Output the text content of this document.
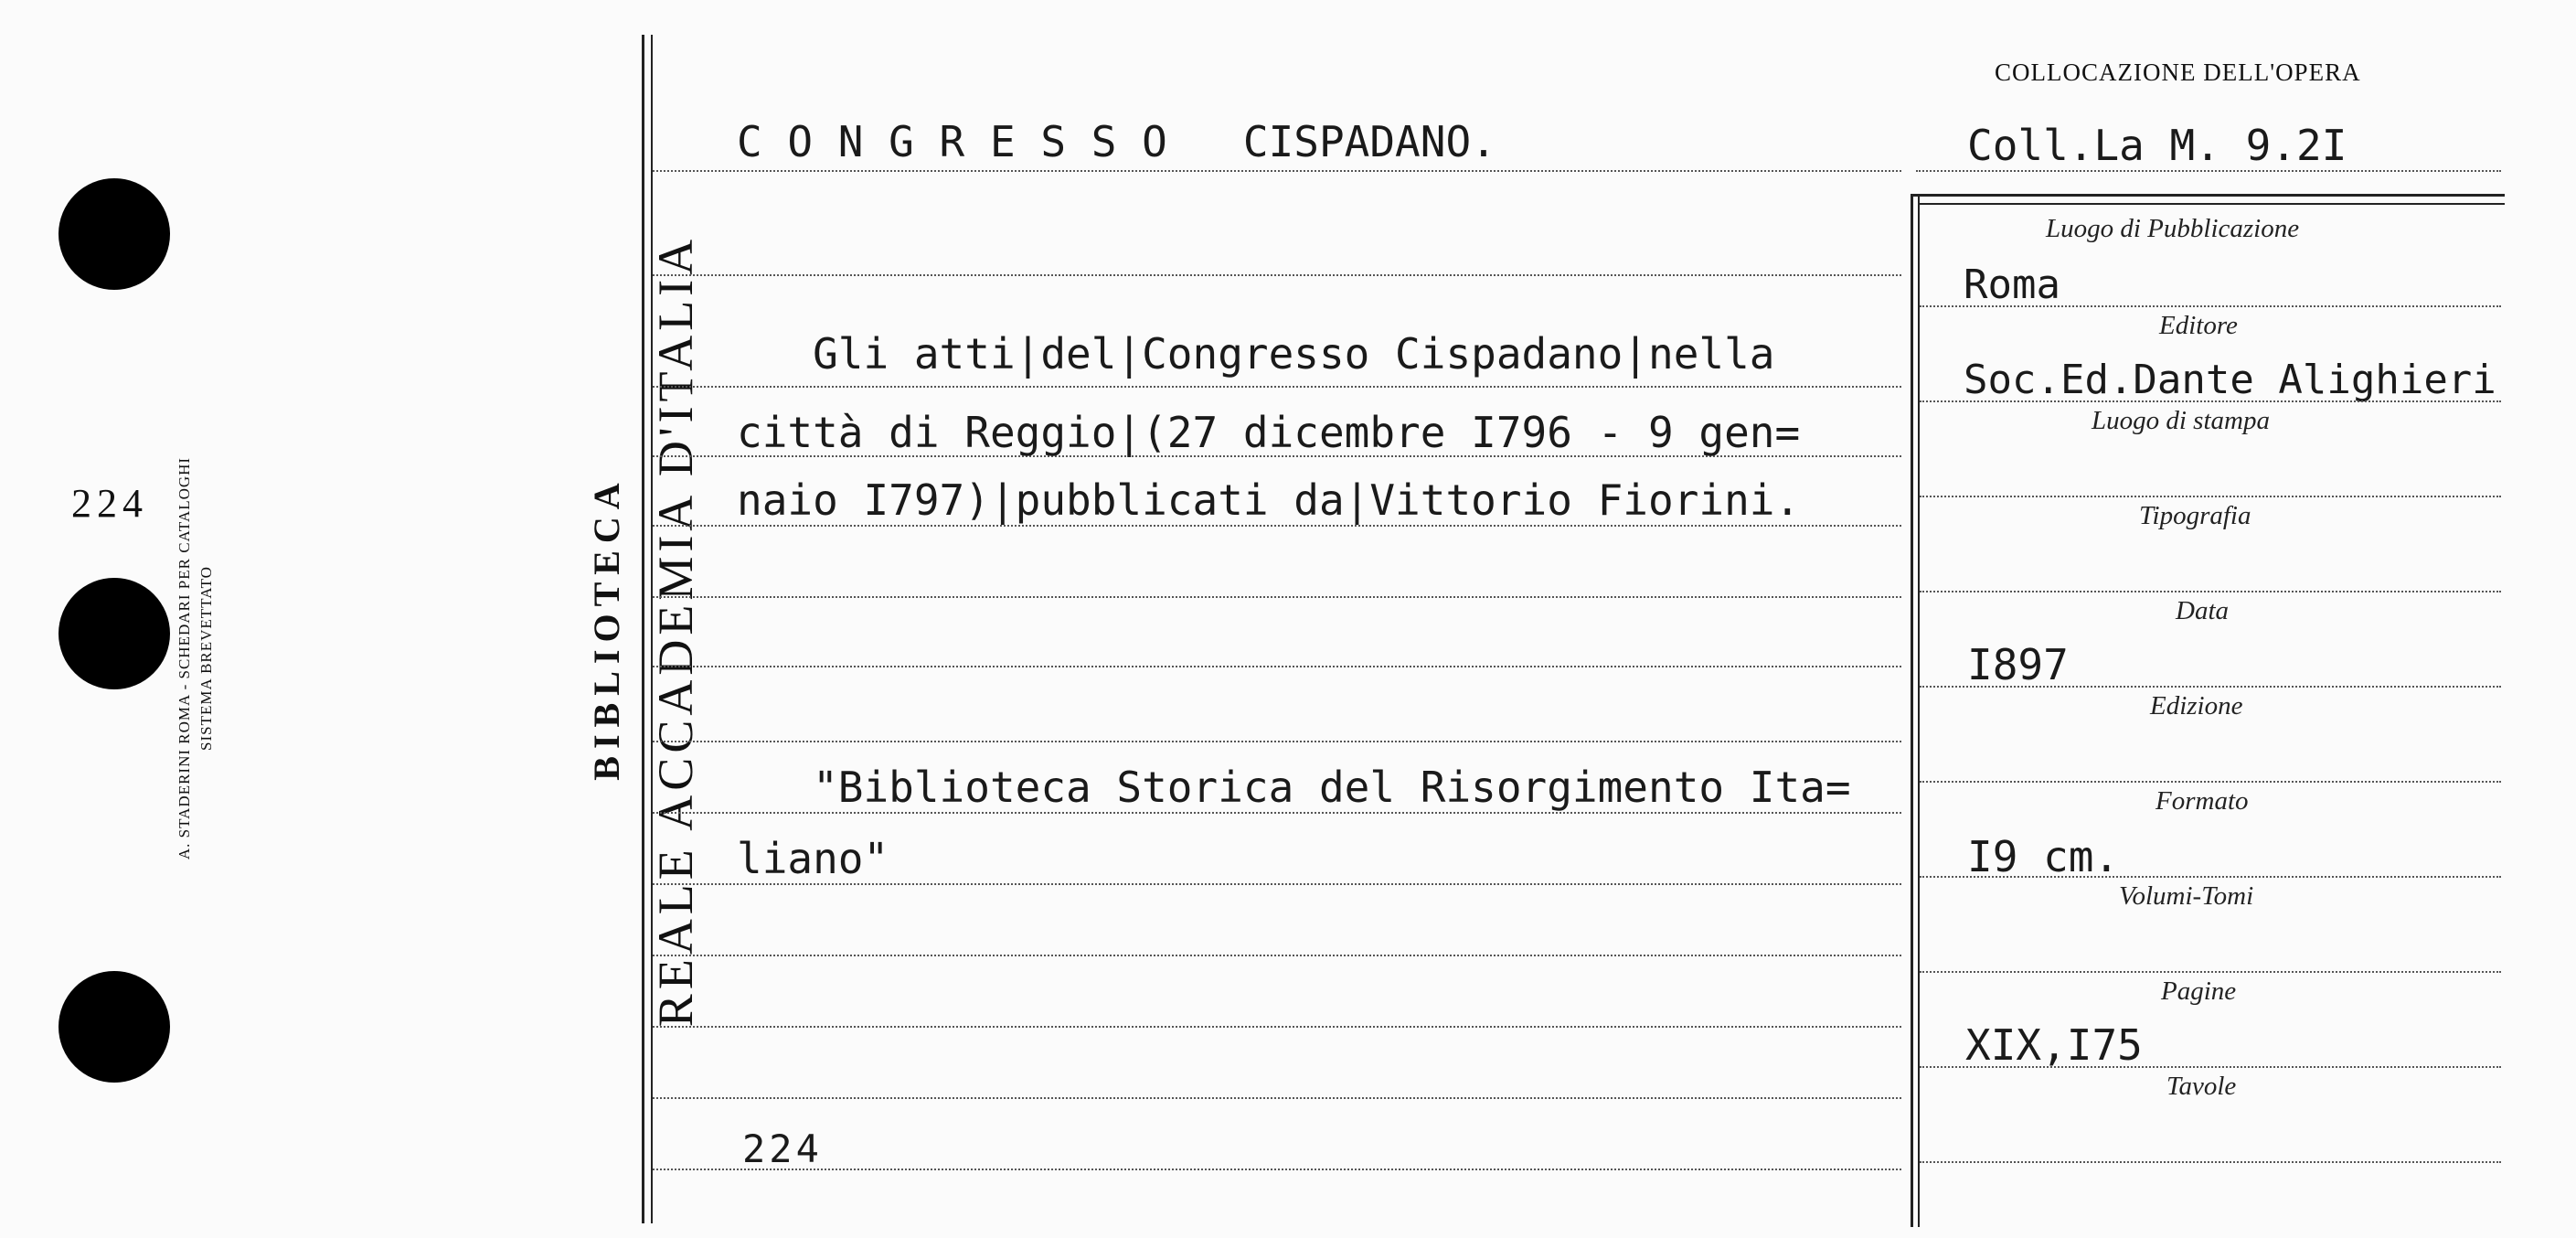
224 A. STADERINI ROMA - SCHEDARI PER CATALOGHI SISTEMA BREVETTATO	REALE ACCADEMIA D'ITALIA
BIBLIOTECA
C O N G R E S S O   CISPADANO.
Gli atti|del|Congresso Cispadano|nella
città di Reggio|(27 dicembre I796 - 9 gen=
naio I797)|pubblicati da|Vittorio Fiorini.
"Biblioteca Storica del Risorgimento Ita=
liano"
224
COLLOCAZIONE DELL'OPERA
Coll.La M. 9.2I
Luogo di Pubblicazione
Editore
Luogo di stampa
Tipografia
Data
Edizione
Formato
Volumi-Tomi
Pagine
Tavole
Roma
Soc.Ed.Dante Alighieri
I897
I9 cm.
XIX,I75
